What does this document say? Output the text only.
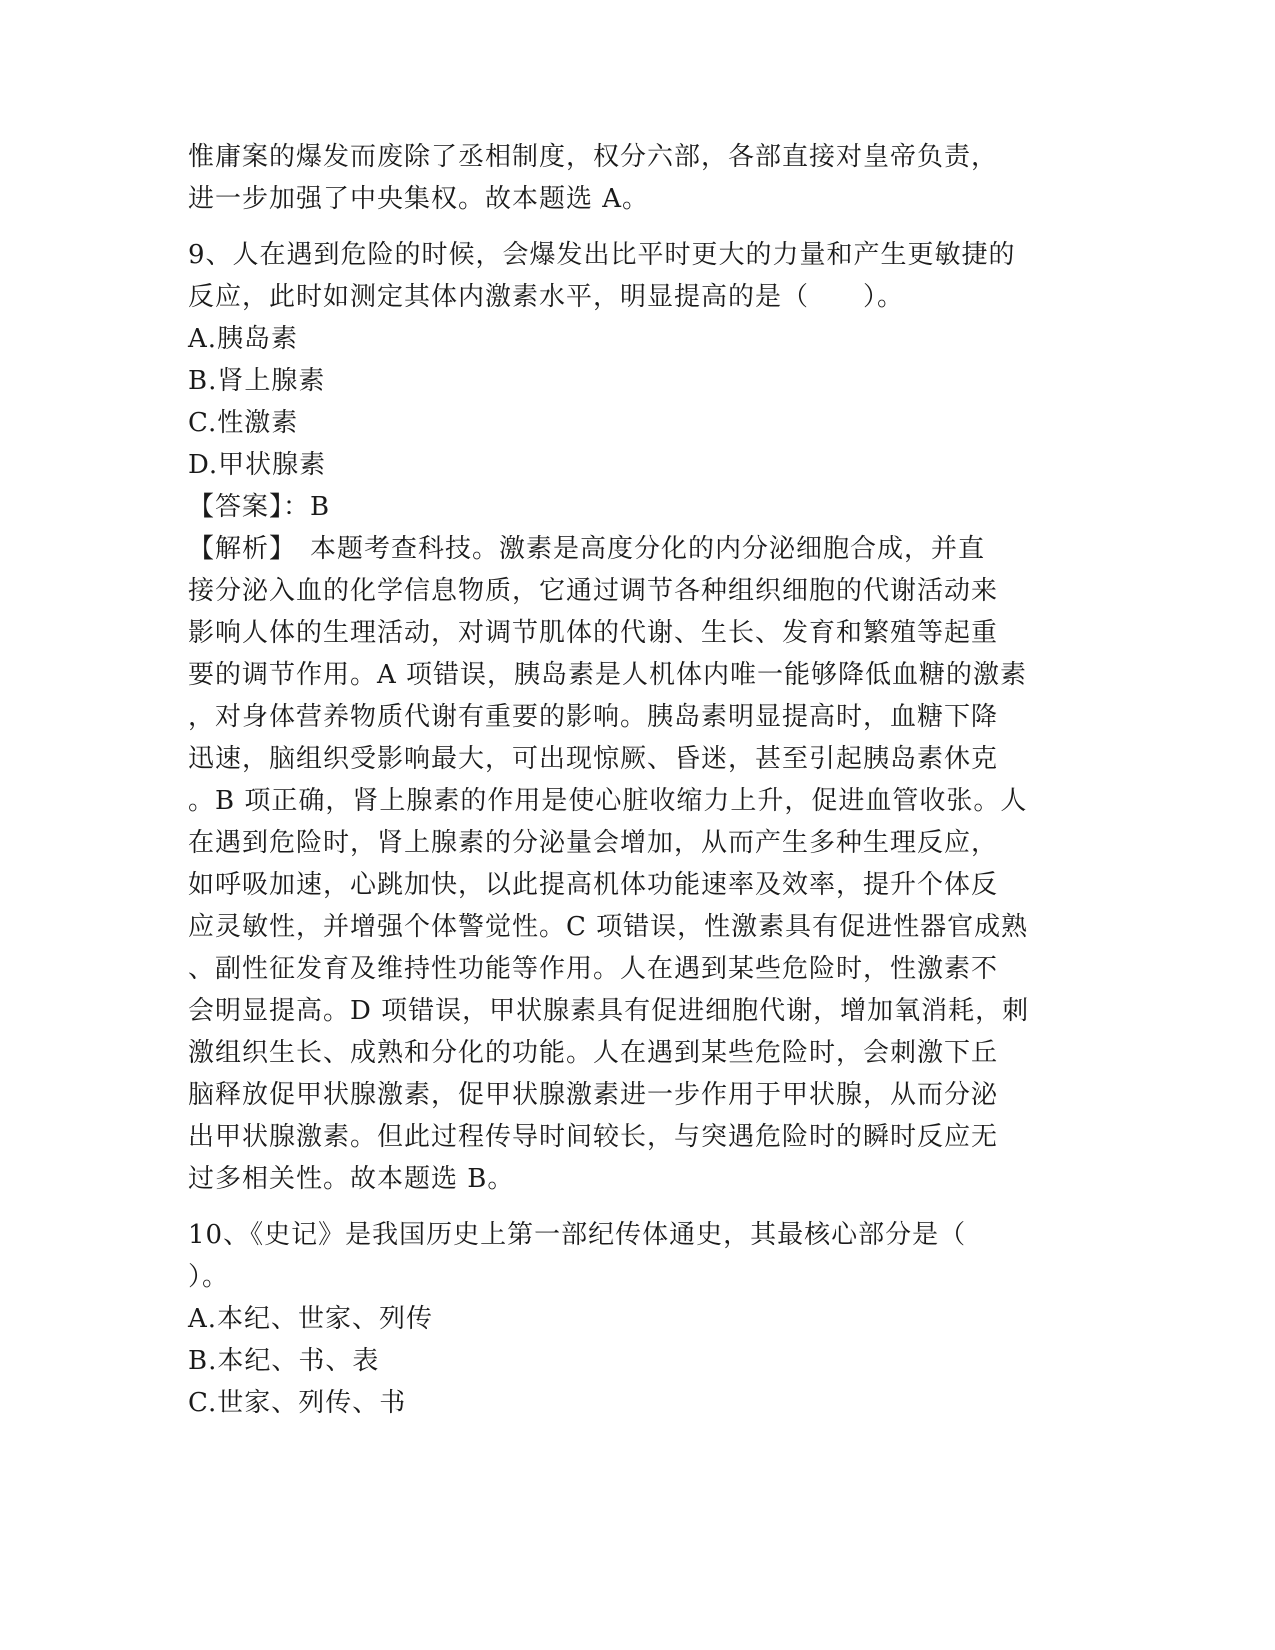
惟庸案的爆发而废除了丞相制度，权分六部，各部直接对皇帝负责，
进一步加强了中央集权。故本题选 A。
9、人在遇到危险的时候，会爆发出比平时更大的力量和产生更敏捷的
反应，此时如测定其体内激素水平，明显提高的是（　　）。
A.胰岛素
B.肾上腺素
C.性激素
D.甲状腺素
【答案】：B
【解析】　本题考查科技。激素是高度分化的内分泌细胞合成，并直
接分泌入血的化学信息物质，它通过调节各种组织细胞的代谢活动来
影响人体的生理活动，对调节肌体的代谢、生长、发育和繁殖等起重
要的调节作用。A 项错误，胰岛素是人机体内唯一能够降低血糖的激素
，对身体营养物质代谢有重要的影响。胰岛素明显提高时，血糖下降
迅速，脑组织受影响最大，可出现惊厥、昏迷，甚至引起胰岛素休克
。B 项正确，肾上腺素的作用是使心脏收缩力上升，促进血管收张。人
在遇到危险时，肾上腺素的分泌量会增加，从而产生多种生理反应，
如呼吸加速，心跳加快，以此提高机体功能速率及效率，提升个体反
应灵敏性，并增强个体警觉性。C 项错误，性激素具有促进性器官成熟
、副性征发育及维持性功能等作用。人在遇到某些危险时，性激素不
会明显提高。D 项错误，甲状腺素具有促进细胞代谢，增加氧消耗，刺
激组织生长、成熟和分化的功能。人在遇到某些危险时，会刺激下丘
脑释放促甲状腺激素，促甲状腺激素进一步作用于甲状腺，从而分泌
出甲状腺激素。但此过程传导时间较长，与突遇危险时的瞬时反应无
过多相关性。故本题选 B。
10、《史记》是我国历史上第一部纪传体通史，其最核心部分是（
）。
A.本纪、世家、列传
B.本纪、书、表
C.世家、列传、书
